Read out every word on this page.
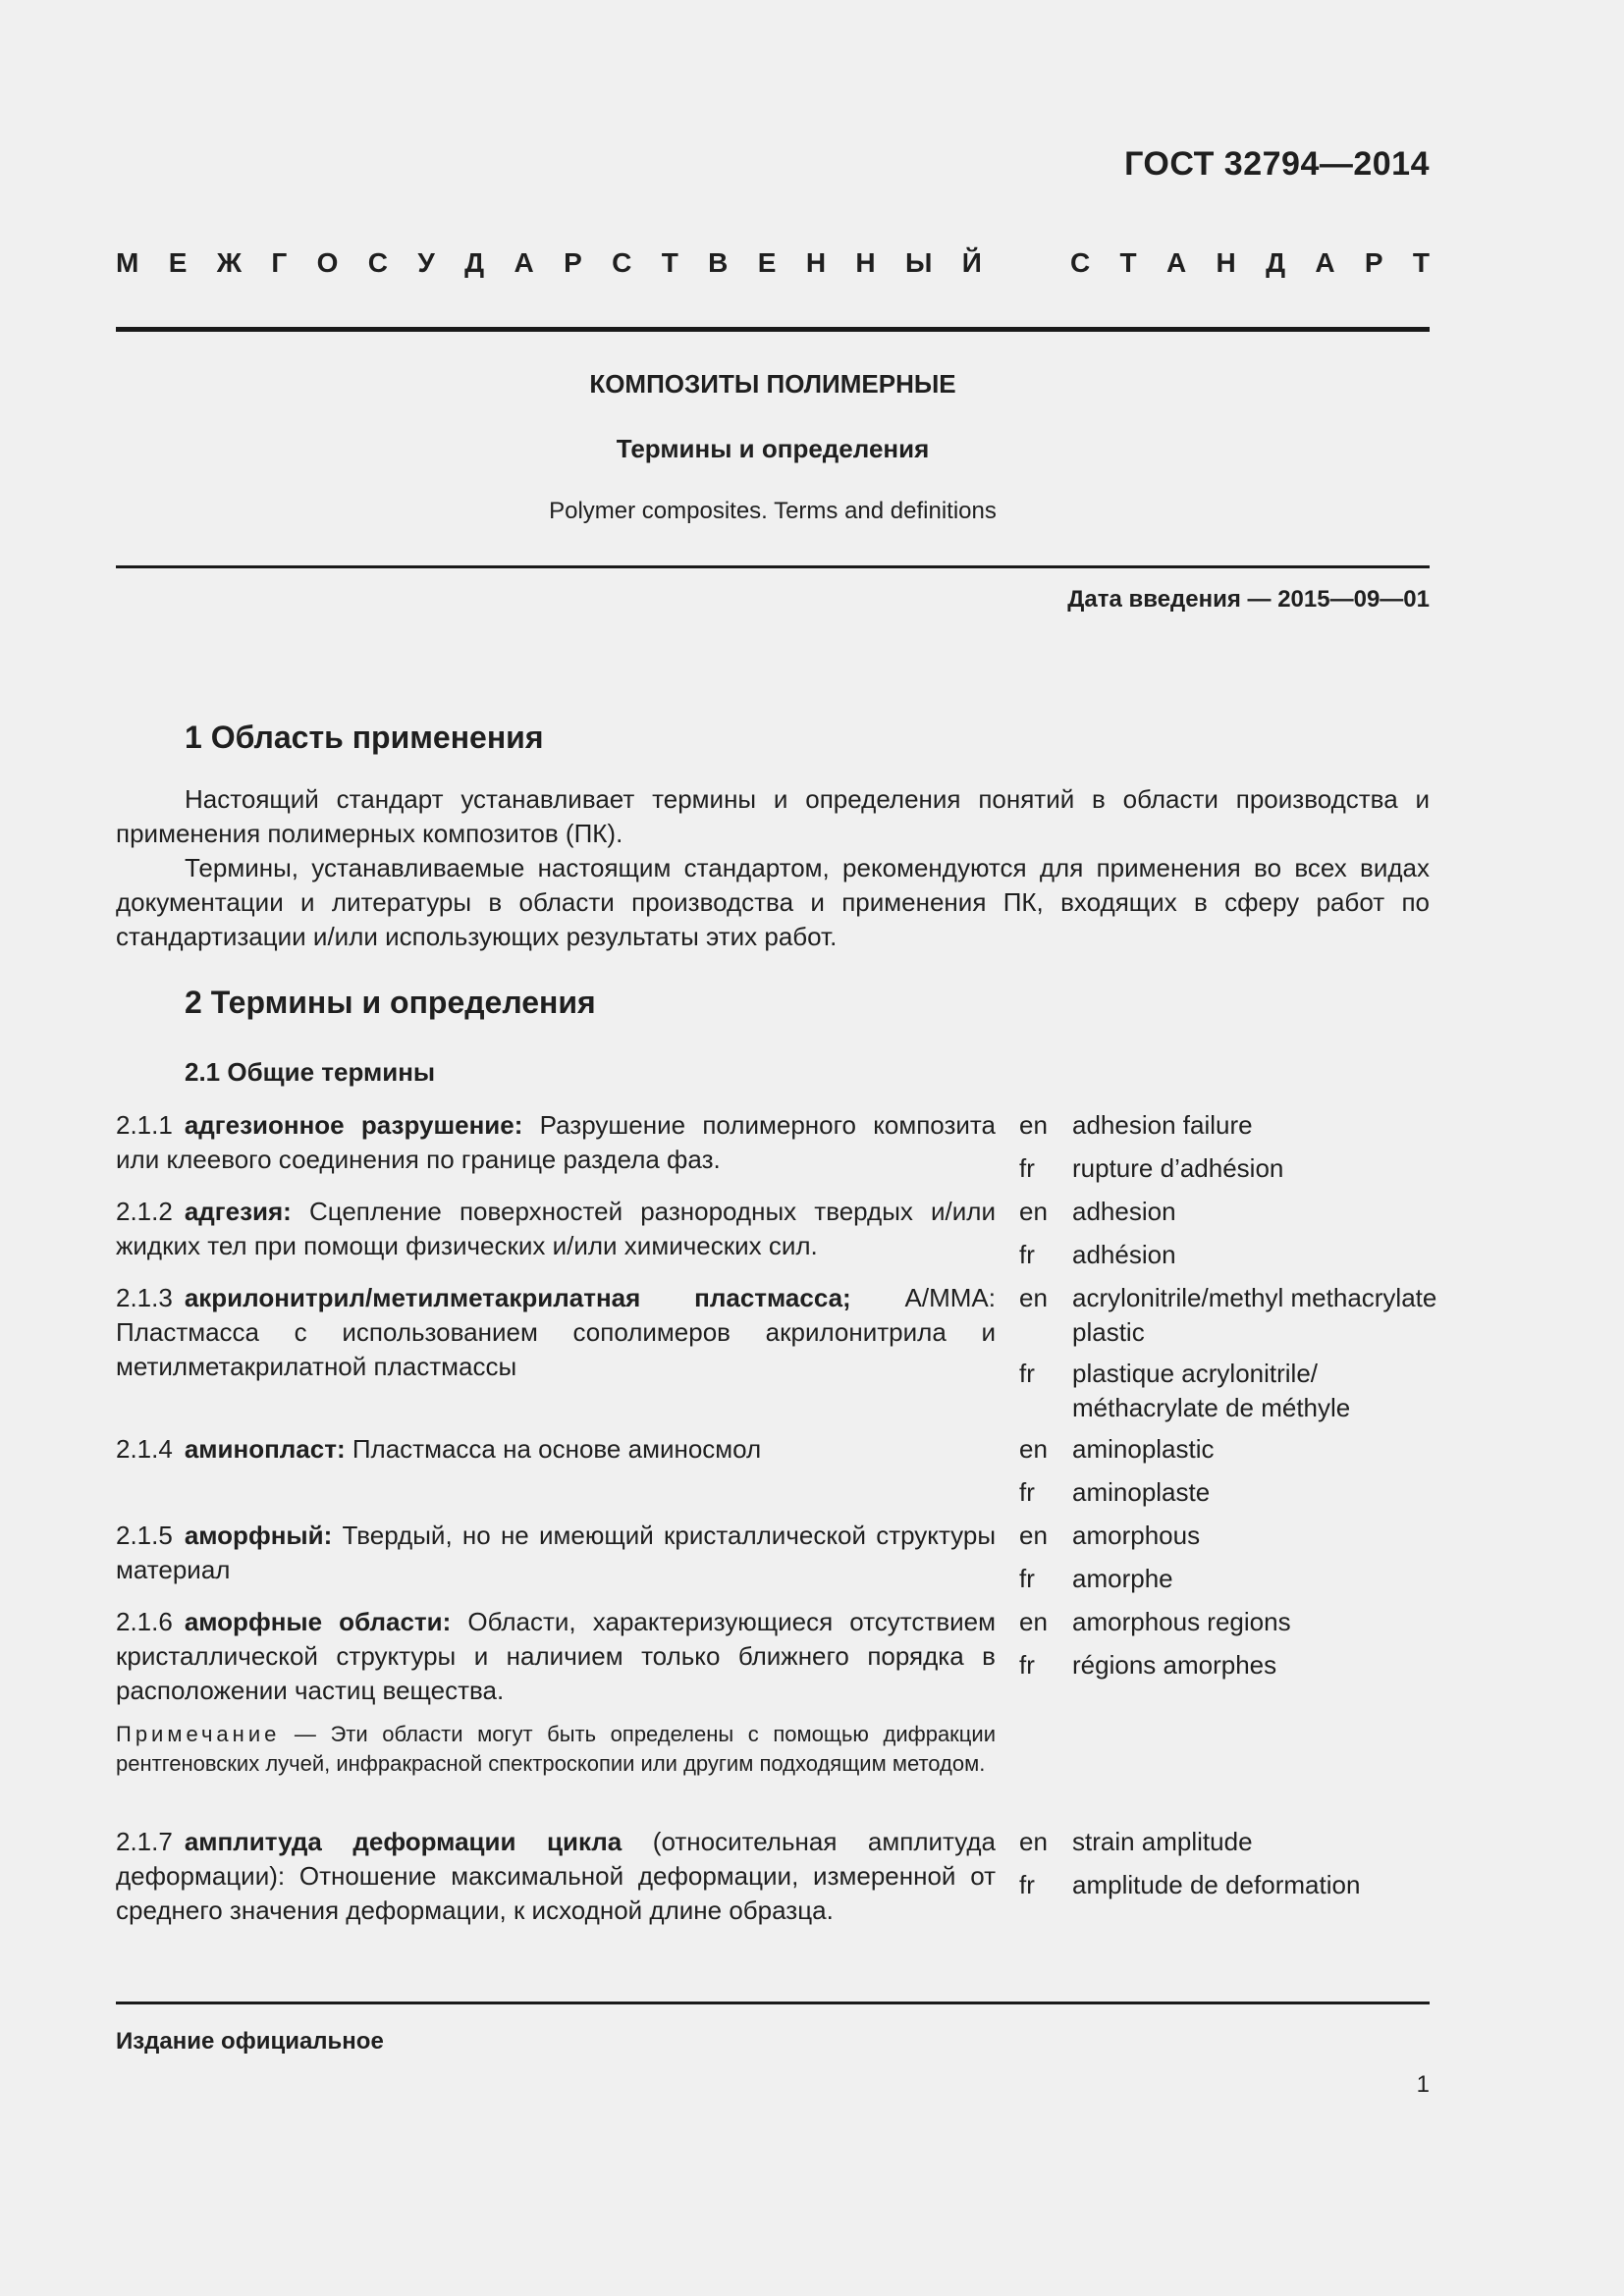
ГОСТ 32794—2014
М Е Ж Г О С У Д А Р С Т В Е Н Н Ы Й	С Т А Н Д А Р Т
КОМПОЗИТЫ ПОЛИМЕРНЫЕ
Термины и определения
Polymer composites. Terms and definitions
Дата введения — 2015—09—01
1 Область применения

Настоящий стандарт устанавливает термины и определения понятий в области производства и применения полимерных композитов (ПК).

Термины, устанавливаемые настоящим стандартом, рекомендуются для применения во всех видах документации и литературы в области производства и применения ПК, входящих в сферу работ по стандартизации и/или использующих результаты этих работ.

2 Термины и определения
2.1 Общие термины
2.1.1 адгезионное разрушение: Разрушение полимерного композита или клеевого соединения по границе раздела фаз.
en adhesion failure
fr rupture d’adhésion
2.1.2 адгезия: Сцепление поверхностей разнородных твердых и/или жидких тел при помощи физических и/или химических сил.
en adhesion
fr adhésion
2.1.3 акрилонитрил/метилметакрилатная пластмасса; А/ММА: Пластмасса с использованием сополимеров акрилонитрила и метилметакрилатной пластмассы
en acrylonitrile/methyl methacrylate plastic
fr plastique acrylonitrile/ méthacrylate de méthyle
2.1.4 аминопласт: Пластмасса на основе аминосмол	en aminoplastic
fr aminoplaste
2.1.5 аморфный: Твердый, но не имеющий кристаллической структуры материал
en amorphous
fr amorphe
2.1.6 аморфные области: Области, характеризующиеся отсутствием кристаллической структуры и наличием только ближнего порядка в расположении частиц вещества.
en amorphous regions
fr régions amorphes
Примечание — Эти области могут быть определены с помощью дифракции рентгеновских лучей, инфракрасной спектроскопии или другим подходящим методом.
2.1.7 амплитуда деформации цикла (относительная амплитуда деформации): Отношение максимальной деформации, измеренной от среднего значения деформации, к исходной длине образца.
en strain amplitude
fr amplitude de deformation
Издание официальное
1
